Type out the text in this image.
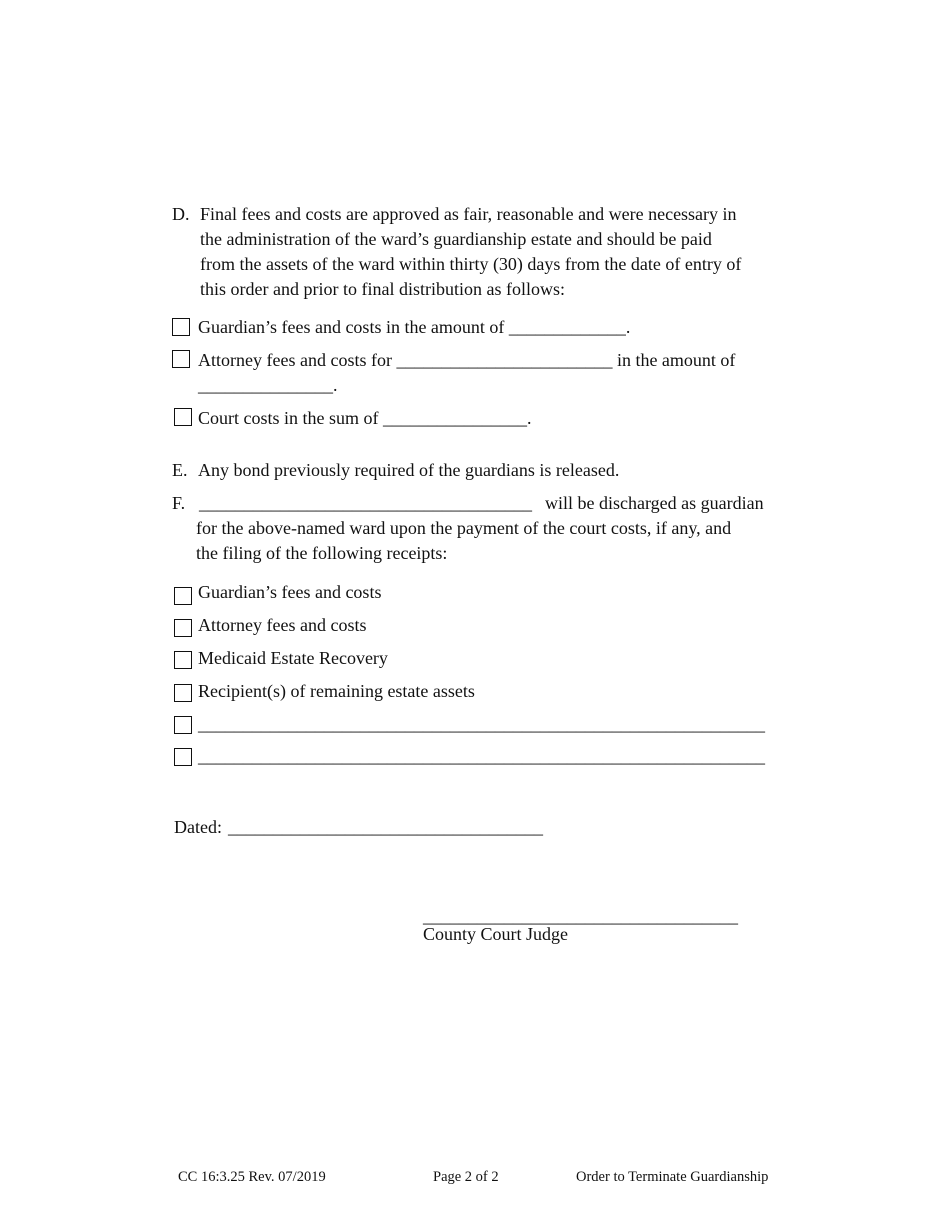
D. Final fees and costs are approved as fair, reasonable and were necessary in
the administration of the ward’s guardianship estate and should be paid
from the assets of the ward within thirty (30) days from the date of entry of
this order and prior to final distribution as follows:
Guardian’s fees and costs in the amount of _____________.
Attorney fees and costs for ________________________ in the amount of
_______________.
Court costs in the sum of ________________.
E. Any bond previously required of the guardians is released.
F. _____________________________________ will be discharged as guardian
for the above-named ward upon the payment of the court costs, if any, and
the filing of the following receipts:
Guardian’s fees and costs
Attorney fees and costs
Medicaid Estate Recovery
Recipient(s) of remaining estate assets
_______________________________________________________________
_______________________________________________________________
Dated: ___________________________________
___________________________________
County Court Judge
CC 16:3.25 Rev. 07/2019	Page 2 of 2	Order to Terminate Guardianship
